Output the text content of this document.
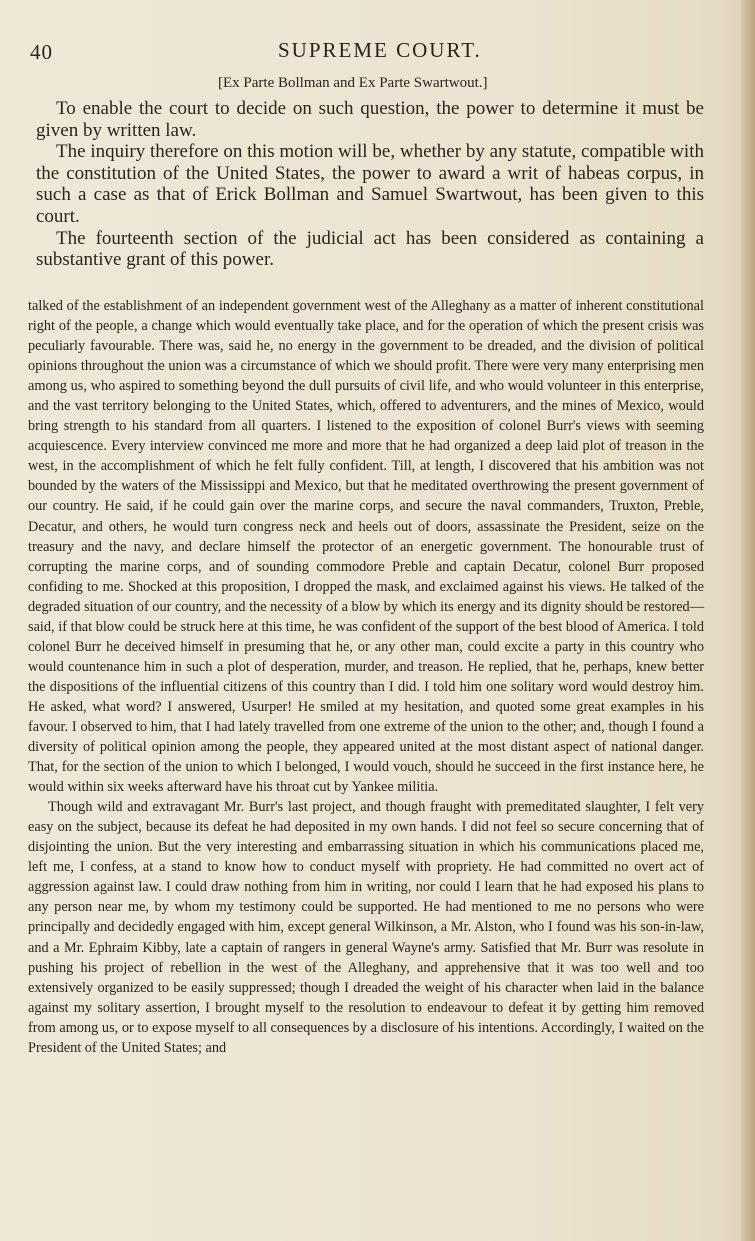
40	SUPREME COURT.
[Ex Parte Bollman and Ex Parte Swartwout.]

To enable the court to decide on such question, the power to determine it must be given by written law.

The inquiry therefore on this motion will be, whether by any statute, compatible with the constitution of the United States, the power to award a writ of habeas corpus, in such a case as that of Erick Bollman and Samuel Swartwout, has been given to this court.

The fourteenth section of the judicial act has been considered as containing a substantive grant of this power.

talked of the establishment of an independent government west of the Alleghany as a matter of inherent constitutional right of the people, a change which would eventually take place, and for the operation of which the present crisis was peculiarly favourable. There was, said he, no energy in the government to be dreaded, and the division of political opinions throughout the union was a circumstance of which we should profit. There were very many enterprising men among us, who aspired to something beyond the dull pursuits of civil life, and who would volunteer in this enterprise, and the vast territory belonging to the United States, which, offered to adventurers, and the mines of Mexico, would bring strength to his standard from all quarters. I listened to the exposition of colonel Burr's views with seeming acquiescence. Every interview convinced me more and more that he had organized a deep laid plot of treason in the west, in the accomplishment of which he felt fully confident. Till, at length, I discovered that his ambition was not bounded by the waters of the Mississippi and Mexico, but that he meditated overthrowing the present government of our country. He said, if he could gain over the marine corps, and secure the naval commanders, Truxton, Preble, Decatur, and others, he would turn congress neck and heels out of doors, assassinate the President, seize on the treasury and the navy, and declare himself the protector of an energetic government. The honourable trust of corrupting the marine corps, and of sounding commodore Preble and captain Decatur, colonel Burr proposed confiding to me. Shocked at this proposition, I dropped the mask, and exclaimed against his views. He talked of the degraded situation of our country, and the necessity of a blow by which its energy and its dignity should be restored—said, if that blow could be struck here at this time, he was confident of the support of the best blood of America. I told colonel Burr he deceived himself in presuming that he, or any other man, could excite a party in this country who would countenance him in such a plot of desperation, murder, and treason. He replied, that he, perhaps, knew better the dispositions of the influential citizens of this country than I did. I told him one solitary word would destroy him. He asked, what word? I answered, Usurper! He smiled at my hesitation, and quoted some great examples in his favour. I observed to him, that I had lately travelled from one extreme of the union to the other; and, though I found a diversity of political opinion among the people, they appeared united at the most distant aspect of national danger. That, for the section of the union to which I belonged, I would vouch, should he succeed in the first instance here, he would within six weeks afterward have his throat cut by Yankee militia.

Though wild and extravagant Mr. Burr's last project, and though fraught with premeditated slaughter, I felt very easy on the subject, because its defeat he had deposited in my own hands. I did not feel so secure concerning that of disjointing the union. But the very interesting and embarrassing situation in which his communications placed me, left me, I confess, at a stand to know how to conduct myself with propriety. He had committed no overt act of aggression against law. I could draw nothing from him in writing, nor could I learn that he had exposed his plans to any person near me, by whom my testimony could be supported. He had mentioned to me no persons who were principally and decidedly engaged with him, except general Wilkinson, a Mr. Alston, who I found was his son-in-law, and a Mr. Ephraim Kibby, late a captain of rangers in general Wayne's army. Satisfied that Mr. Burr was resolute in pushing his project of rebellion in the west of the Alleghany, and apprehensive that it was too well and too extensively organized to be easily suppressed; though I dreaded the weight of his character when laid in the balance against my solitary assertion, I brought myself to the resolution to endeavour to defeat it by getting him removed from among us, or to expose myself to all consequences by a disclosure of his intentions. Accordingly, I waited on the President of the United States; and
